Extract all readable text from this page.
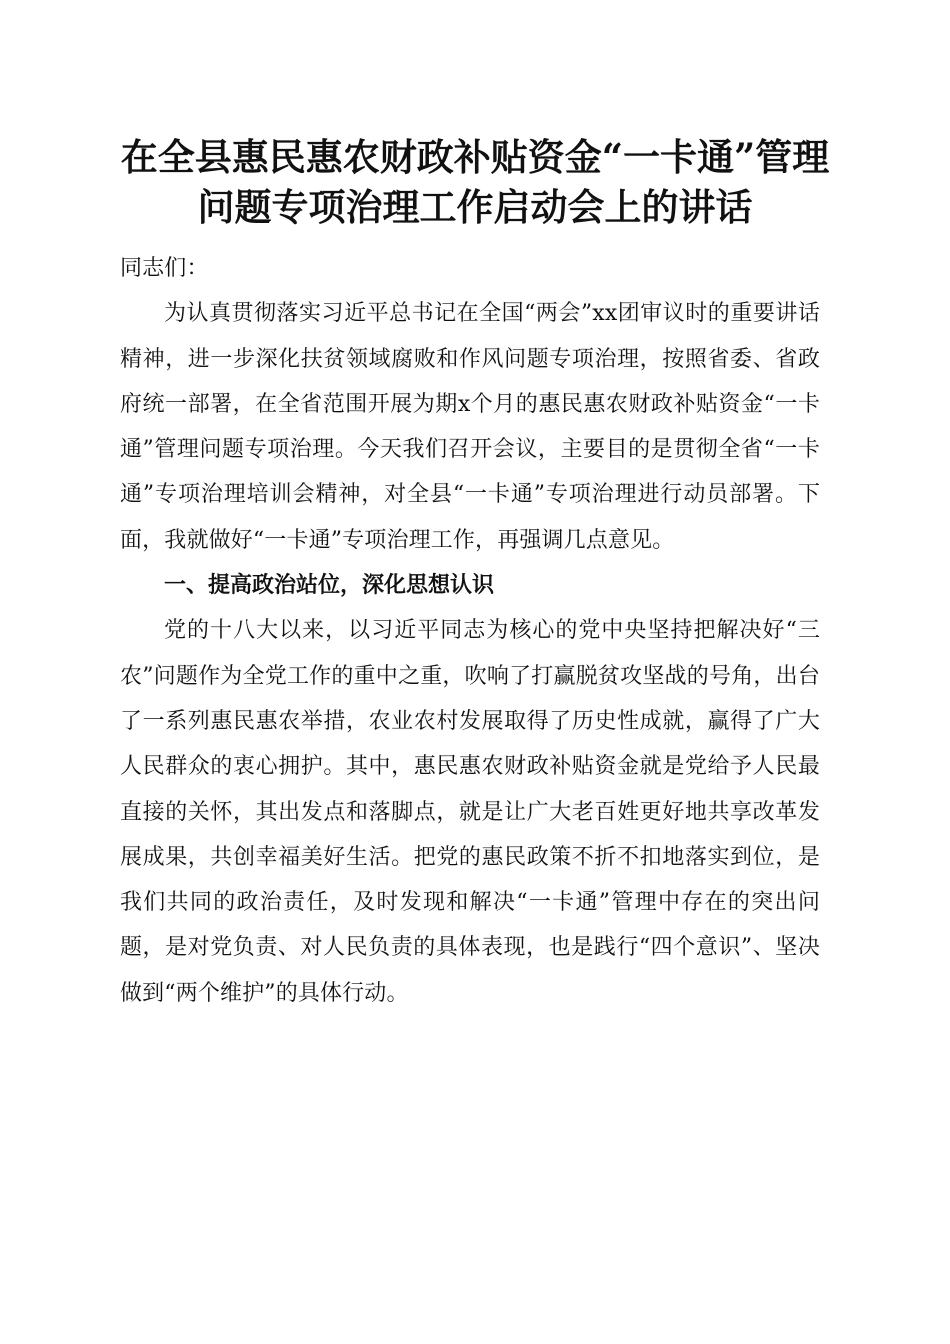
在全县惠民惠农财政补贴资金“一卡通”管理
问题专项治理工作启动会上的讲话

同志们：

为认真贯彻落实习近平总书记在全国“两会”xx团审议时的重要讲话精神，进一步深化扶贫领域腐败和作风问题专项治理，按照省委、省政府统一部署，在全省范围开展为期x个月的惠民惠农财政补贴资金“一卡通”管理问题专项治理。今天我们召开会议，主要目的是贯彻全省“一卡通”专项治理培训会精神，对全县“一卡通”专项治理进行动员部署。下面，我就做好“一卡通”专项治理工作，再强调几点意见。

一、提高政治站位，深化思想认识

党的十八大以来，以习近平同志为核心的党中央坚持把解决好“三农”问题作为全党工作的重中之重，吹响了打赢脱贫攻坚战的号角，出台了一系列惠民惠农举措，农业农村发展取得了历史性成就，赢得了广大人民群众的衷心拥护。其中，惠民惠农财政补贴资金就是党给予人民最直接的关怀，其出发点和落脚点，就是让广大老百姓更好地共享改革发展成果，共创幸福美好生活。把党的惠民政策不折不扣地落实到位，是我们共同的政治责任，及时发现和解决“一卡通”管理中存在的突出问题，是对党负责、对人民负责的具体表现，也是践行“四个意识”、坚决做到“两个维护”的具体行动。
